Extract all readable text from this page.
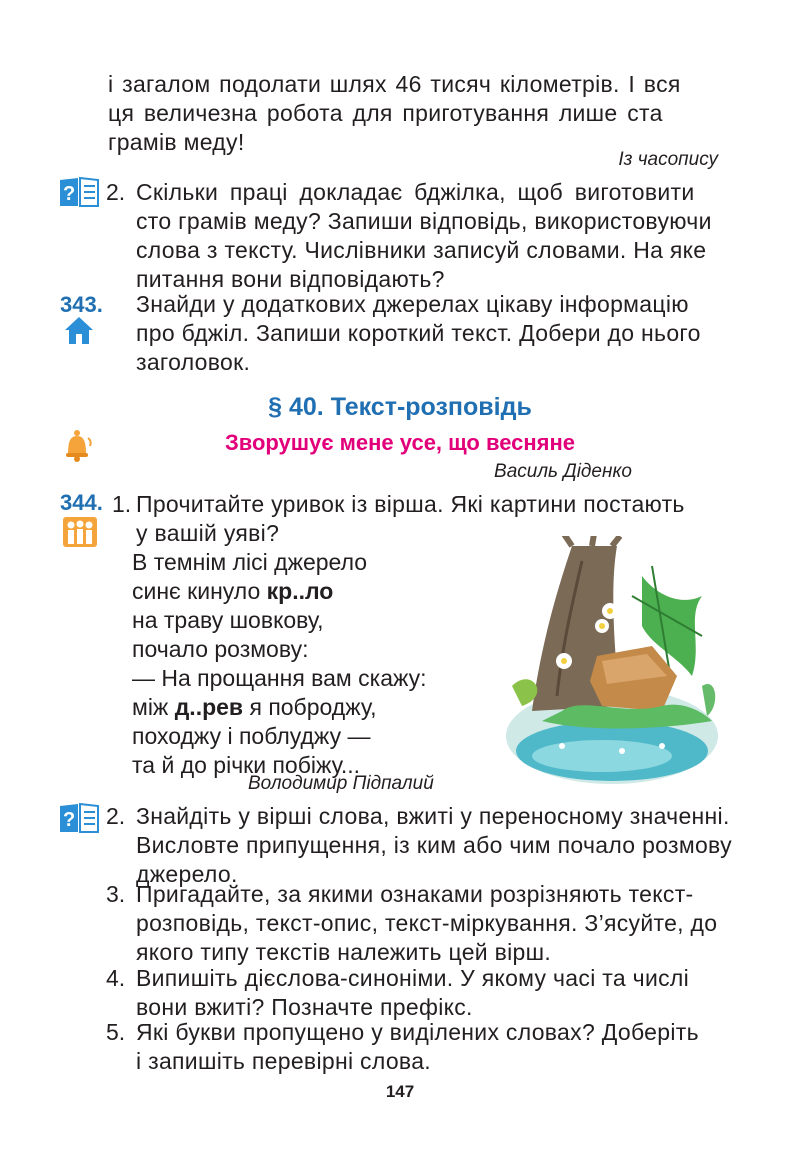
і загалом подолати шлях 46 тисяч кілометрів. І вся
ця величезна робота для приготування лише ста
грамів меду!
Із часопису
? 2. Скільки праці докладає бджілка, щоб виготовити
сто грамів меду? Запиши відповідь, використовуючи
слова з тексту. Числівники записуй словами. На яке
питання вони відповідають?
343. Знайди у додаткових джерелах цікаву інформацію
про бджіл. Запиши короткий текст. Добери до нього
заголовок.
§ 40. Текст-розповідь
Зворушує мене усе, що весняне
Василь Діденко
344. 1. Прочитайте уривок із вірша. Які картини постають
у вашій уяві?
В темнім лісі джерело
синє кинуло кр..ло
на траву шовкову,
почало розмову:
— На прощання вам скажу:
між д..рев я поброджу,
походжу і поблуджу —
та й до річки побіжу...
Володимир Підпалий
? 2. Знайдіть у вірші слова, вжиті у переносному значенні.
Висловте припущення, із ким або чим почало розмову
джерело.
3. Пригадайте, за якими ознаками розрізняють текст-
розповідь, текст-опис, текст-міркування. З’ясуйте, до
якого типу текстів належить цей вірш.
4. Випишіть дієслова-синоніми. У якому часі та числі
вони вжиті? Позначте префікс.
5. Які букви пропущено у виділених словах? Доберіть
і запишіть перевірні слова.
147
